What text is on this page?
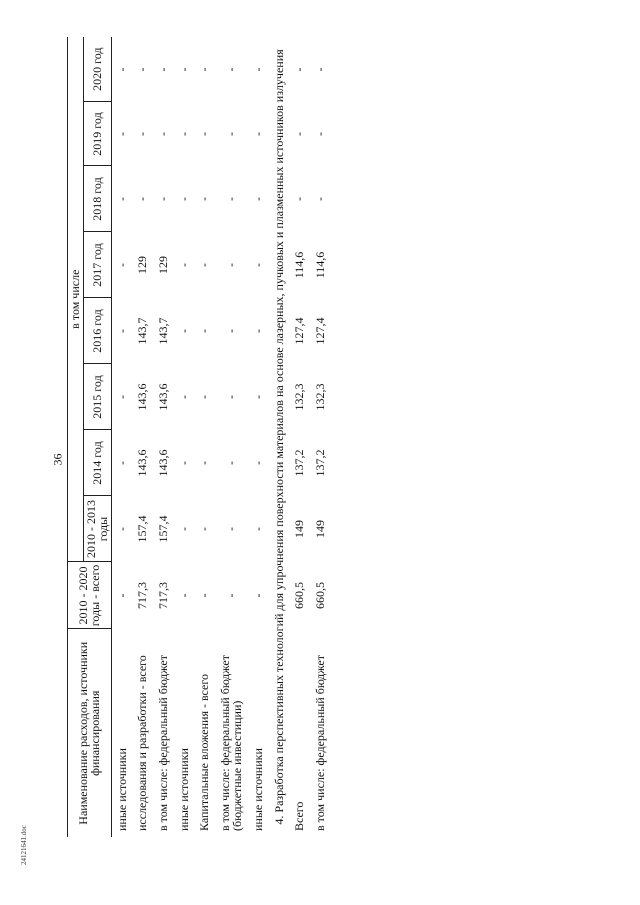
36
24121641.doc
Наименование расходов, источники финансирования	2010 - 2020 годы - всего	в том числе							
		2010 - 2013 годы	2014 год	2015 год	2016 год	2017 год	2018 год	2019 год	2020 год
иные источники	-	-	-	-	-	-	-	-	-
исследования и разработки - всего	717,3	157,4	143,6	143,6	143,7	129	-	-	-
в том числе: федеральный бюджет	717,3	157,4	143,6	143,6	143,7	129	-	-	-
иные источники	-	-	-	-	-	-	-	-	-
Капитальные вложения - всего	-	-	-	-	-	-	-	-	-
в том числе: федеральный бюджет (бюджетные инвестиции)	-	-	-	-	-	-	-	-	-
иные источники	-	-	-	-	-	-	-	-	-
4. Разработка перспективных технологий для упрочнения поверхности материалов на основе лазерных, пучковых и плазменных источников излучения									
Всего	660,5	149	137,2	132,3	127,4	114,6	-	-	-
в том числе: федеральный бюджет	660,5	149	137,2	132,3	127,4	114,6	-	-	-
